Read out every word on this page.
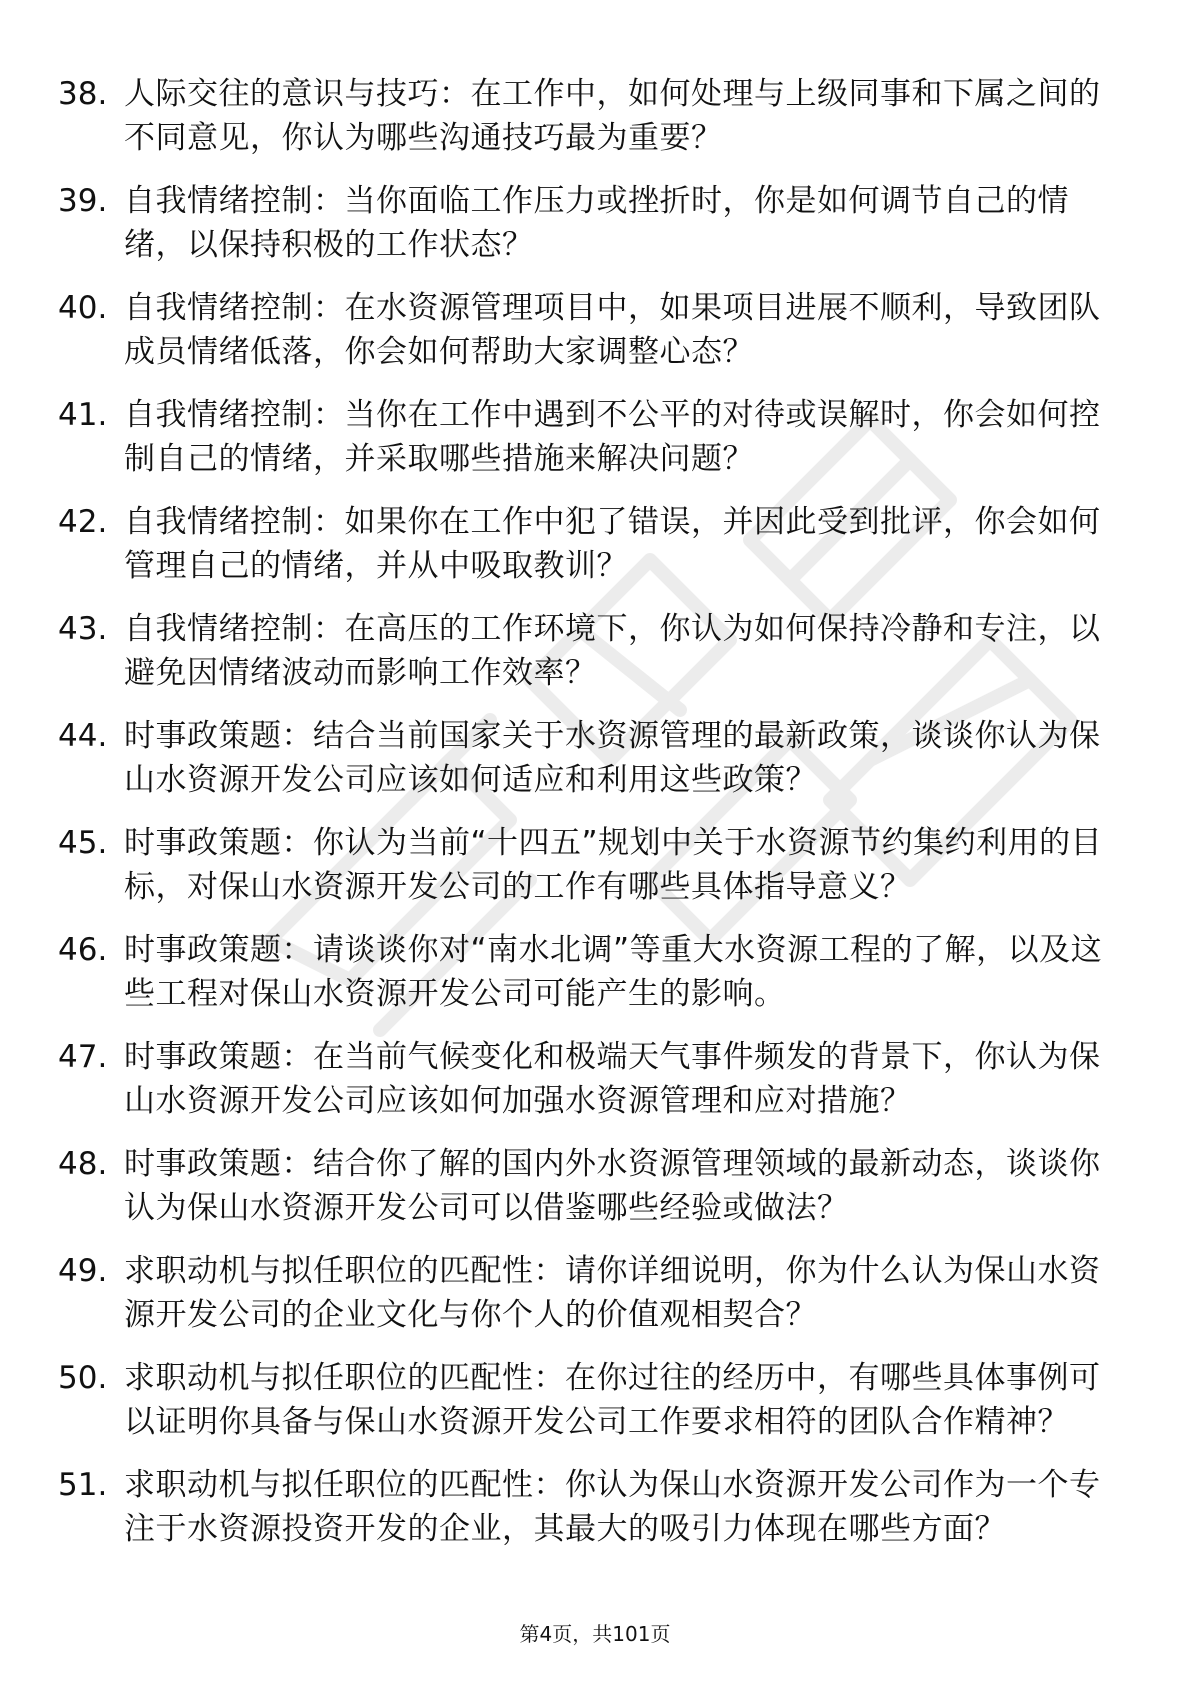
38. 人际交往的意识与技巧：在工作中，如何处理与上级同事和下属之间的不同意见，你认为哪些沟通技巧最为重要？
39. 自我情绪控制：当你面临工作压力或挫折时，你是如何调节自己的情绪，以保持积极的工作状态？
40. 自我情绪控制：在水资源管理项目中，如果项目进展不顺利，导致团队成员情绪低落，你会如何帮助大家调整心态？
41. 自我情绪控制：当你在工作中遇到不公平的对待或误解时，你会如何控制自己的情绪，并采取哪些措施来解决问题？
42. 自我情绪控制：如果你在工作中犯了错误，并因此受到批评，你会如何管理自己的情绪，并从中吸取教训？
43. 自我情绪控制：在高压的工作环境下，你认为如何保持冷静和专注，以避免因情绪波动而影响工作效率？
44. 时事政策题：结合当前国家关于水资源管理的最新政策，谈谈你认为保山水资源开发公司应该如何适应和利用这些政策？
45. 时事政策题：你认为当前“十四五”规划中关于水资源节约集约利用的目标，对保山水资源开发公司的工作有哪些具体指导意义？
46. 时事政策题：请谈谈你对“南水北调”等重大水资源工程的了解，以及这些工程对保山水资源开发公司可能产生的影响。
47. 时事政策题：在当前气候变化和极端天气事件频发的背景下，你认为保山水资源开发公司应该如何加强水资源管理和应对措施？
48. 时事政策题：结合你了解的国内外水资源管理领域的最新动态，谈谈你认为保山水资源开发公司可以借鉴哪些经验或做法？
49. 求职动机与拟任职位的匹配性：请你详细说明，你为什么认为保山水资源开发公司的企业文化与你个人的价值观相契合？
50. 求职动机与拟任职位的匹配性：在你过往的经历中，有哪些具体事例可以证明你具备与保山水资源开发公司工作要求相符的团队合作精神？
51. 求职动机与拟任职位的匹配性：你认为保山水资源开发公司作为一个专注于水资源投资开发的企业，其最大的吸引力体现在哪些方面？
第4页，共101页
